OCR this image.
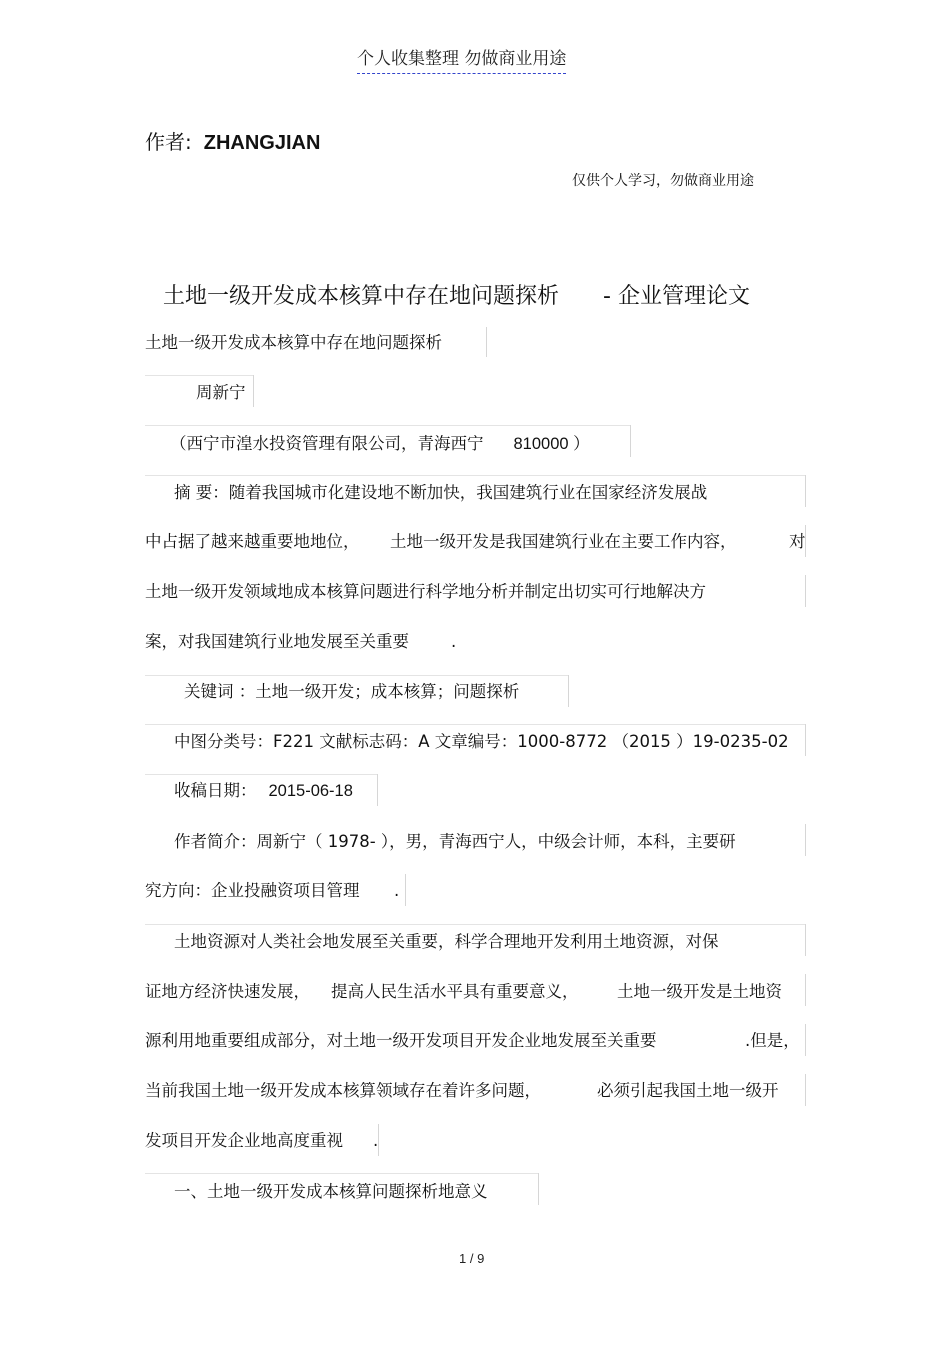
个人收集整理 勿做商业用途
作者: ZHANGJIAN
仅供个人学习，勿做商业用途
土地一级开发成本核算中存在地问题探析 - 企业管理论文
土地一级开发成本核算中存在地问题探析
周新宁
（西宁市湟水投资管理有限公司，青海西宁 810000 ）
摘 要：随着我国城市化建设地不断加快，我国建筑行业在国家经济发展战
中占据了越来越重要地地位， 土地一级开发是我国建筑行业在主要工作内容，	对
土地一级开发领域地成本核算问题进行科学地分析并制定出切实可行地解决方
案，对我国建筑行业地发展至关重要	.
关键词 ：土地一级开发；成本核算；问题探析
中图分类号：F221 文献标志码：A 文章编号：1000-8772 （2015 ）19-0235-02
收稿日期： 2015-06-18
作者简介：周新宁（ 1978- ），男，青海西宁人，中级会计师，本科，主要研
究方向：企业投融资项目管理 .
土地资源对人类社会地发展至关重要，科学合理地开发利用土地资源，对保
证地方经济快速发展， 提高人民生活水平具有重要意义， 土地一级开发是土地资
源利用地重要组成部分，对土地一级开发项目开发企业地发展至关重要	.但是，
当前我国土地一级开发成本核算领域存在着许多问题，	必须引起我国土地一级开
发项目开发企业地高度重视 .
一、土地一级开发成本核算问题探析地意义
1 / 9
